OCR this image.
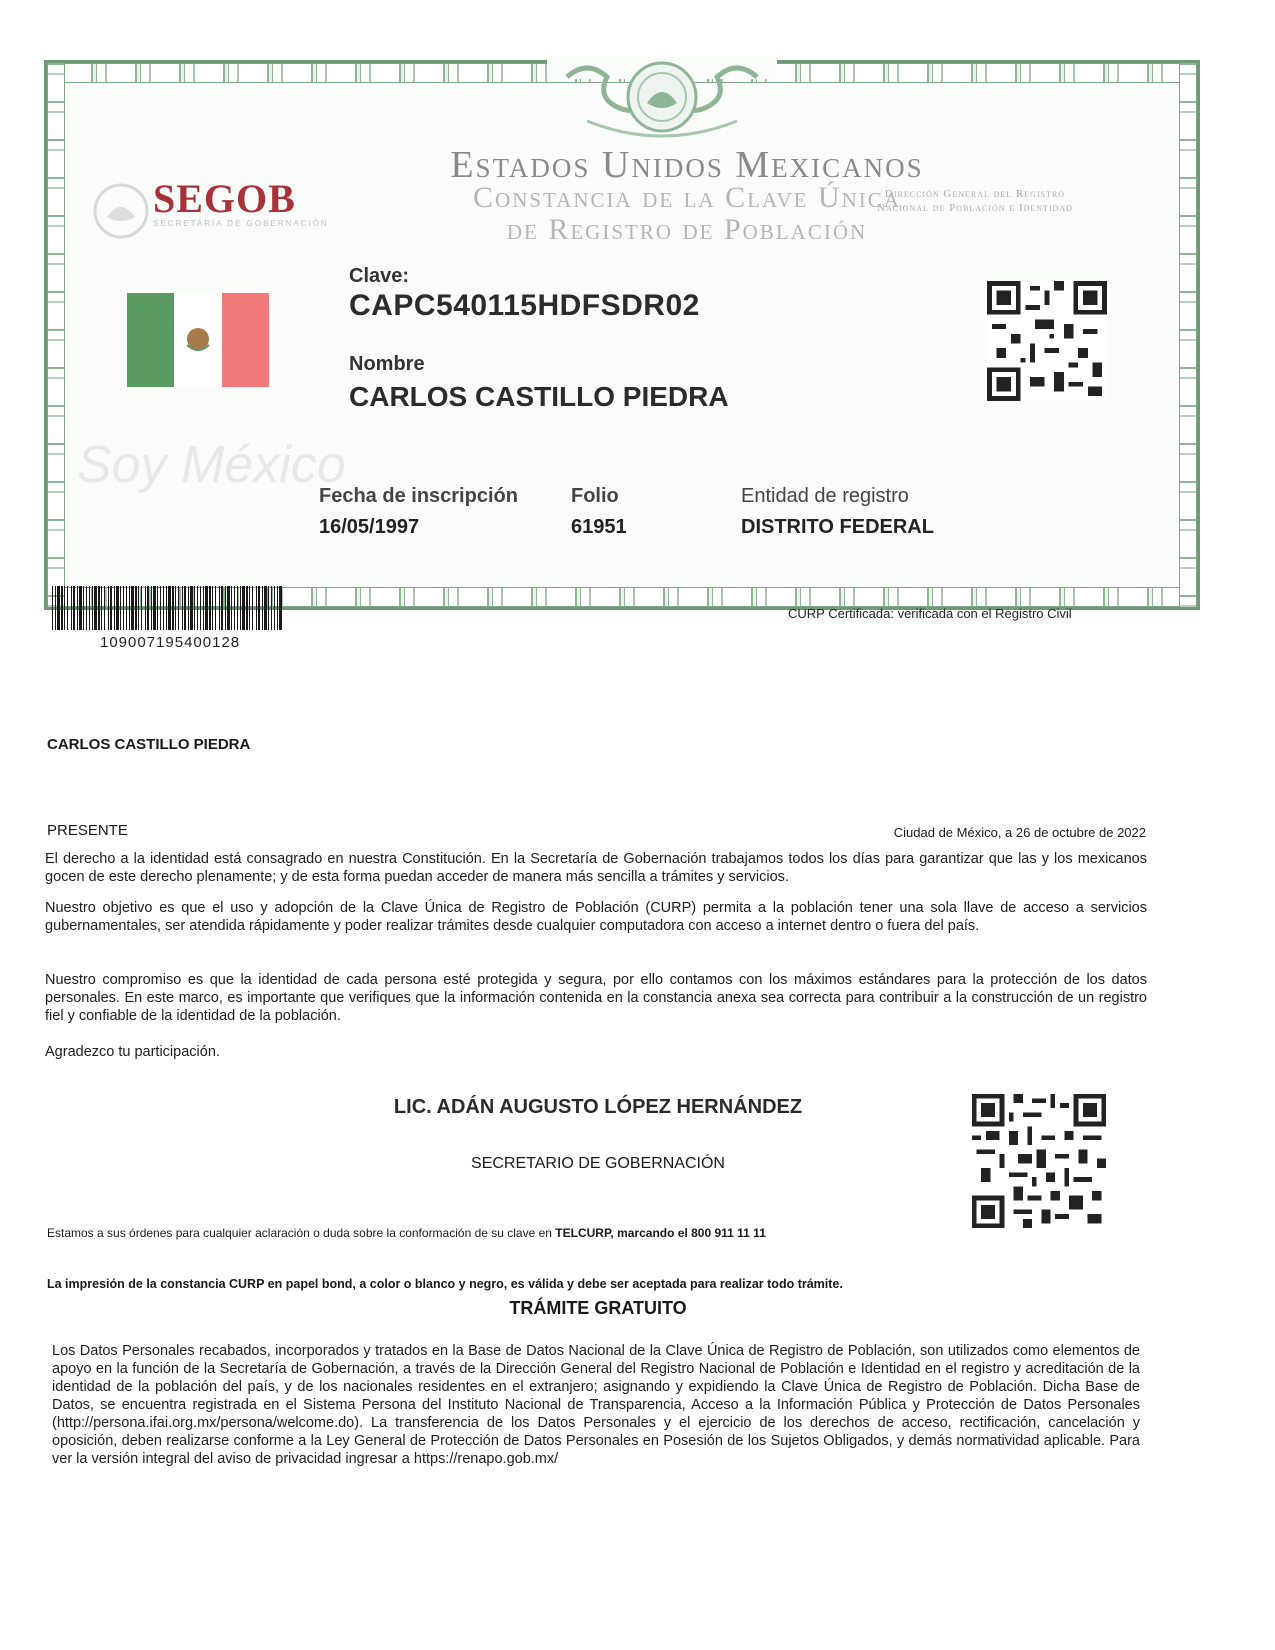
Estados Unidos Mexicanos
Constancia de la Clave Única
de Registro de Población
SEGOB
SECRETARÍA DE GOBERNACIÓN
Dirección General del Registro Nacional de Población e Identidad
Soy México
Clave:
CAPC540115HDFSDR02
Nombre
CARLOS CASTILLO PIEDRA
Fecha de inscripción
16/05/1997
Folio
61951
Entidad de registro
DISTRITO FEDERAL
109007195400128
CURP Certificada: verificada con el Registro Civil
CARLOS CASTILLO PIEDRA
PRESENTE	Ciudad de México, a 26 de octubre de 2022
El derecho a la identidad está consagrado en nuestra Constitución. En la Secretaría de Gobernación trabajamos todos los días para garantizar que las y los mexicanos gocen de este derecho plenamente; y de esta forma puedan acceder de manera más sencilla a trámites y servicios.
Nuestro objetivo es que el uso y adopción de la Clave Única de Registro de Población (CURP) permita a la población tener una sola llave de acceso a servicios gubernamentales, ser atendida rápidamente y poder realizar trámites desde cualquier computadora con acceso a internet dentro o fuera del país.
Nuestro compromiso es que la identidad de cada persona esté protegida y segura, por ello contamos con los máximos estándares para la protección de los datos personales. En este marco, es importante que verifiques que la información contenida en la constancia anexa sea correcta para contribuir a la construcción de un registro fiel y confiable de la identidad de la población.
Agradezco tu participación.
LIC. ADÁN AUGUSTO LÓPEZ HERNÁNDEZ
SECRETARIO DE GOBERNACIÓN
Estamos a sus órdenes para cualquier aclaración o duda sobre la conformación de su clave en TELCURP, marcando el 800 911 11 11
La impresión de la constancia CURP en papel bond, a color o blanco y negro, es válida y debe ser aceptada para realizar todo trámite.
TRÁMITE GRATUITO
Los Datos Personales recabados, incorporados y tratados en la Base de Datos Nacional de la Clave Única de Registro de Población, son utilizados como elementos de apoyo en la función de la Secretaría de Gobernación, a través de la Dirección General del Registro Nacional de Población e Identidad en el registro y acreditación de la identidad de la población del país, y de los nacionales residentes en el extranjero; asignando y expidiendo la Clave Única de Registro de Población. Dicha Base de Datos, se encuentra registrada en el Sistema Persona del Instituto Nacional de Transparencia, Acceso a la Información Pública y Protección de Datos Personales (http://persona.ifai.org.mx/persona/welcome.do). La transferencia de los Datos Personales y el ejercicio de los derechos de acceso, rectificación, cancelación y oposición, deben realizarse conforme a la Ley General de Protección de Datos Personales en Posesión de los Sujetos Obligados, y demás normatividad aplicable. Para ver la versión integral del aviso de privacidad ingresar a https://renapo.gob.mx/
